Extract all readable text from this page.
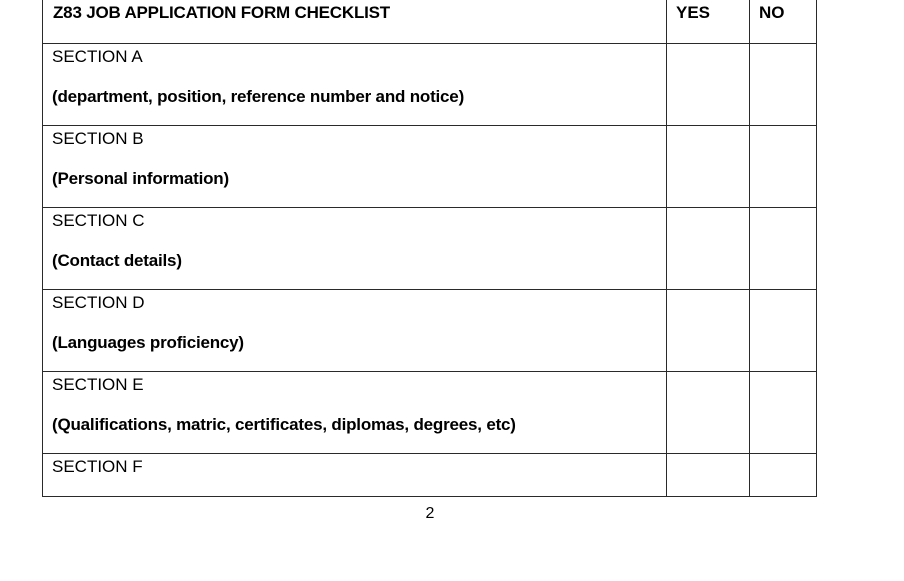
Z83 JOB APPLICATION FORM CHECKLIST	YES	NO

SECTION A
(department, position, reference number and notice)		

SECTION B
(Personal information)		

SECTION C
(Contact details)		

SECTION D
(Languages proficiency)		

SECTION E
(Qualifications, matric, certificates, diplomas, degrees, etc)		

SECTION F		

2
